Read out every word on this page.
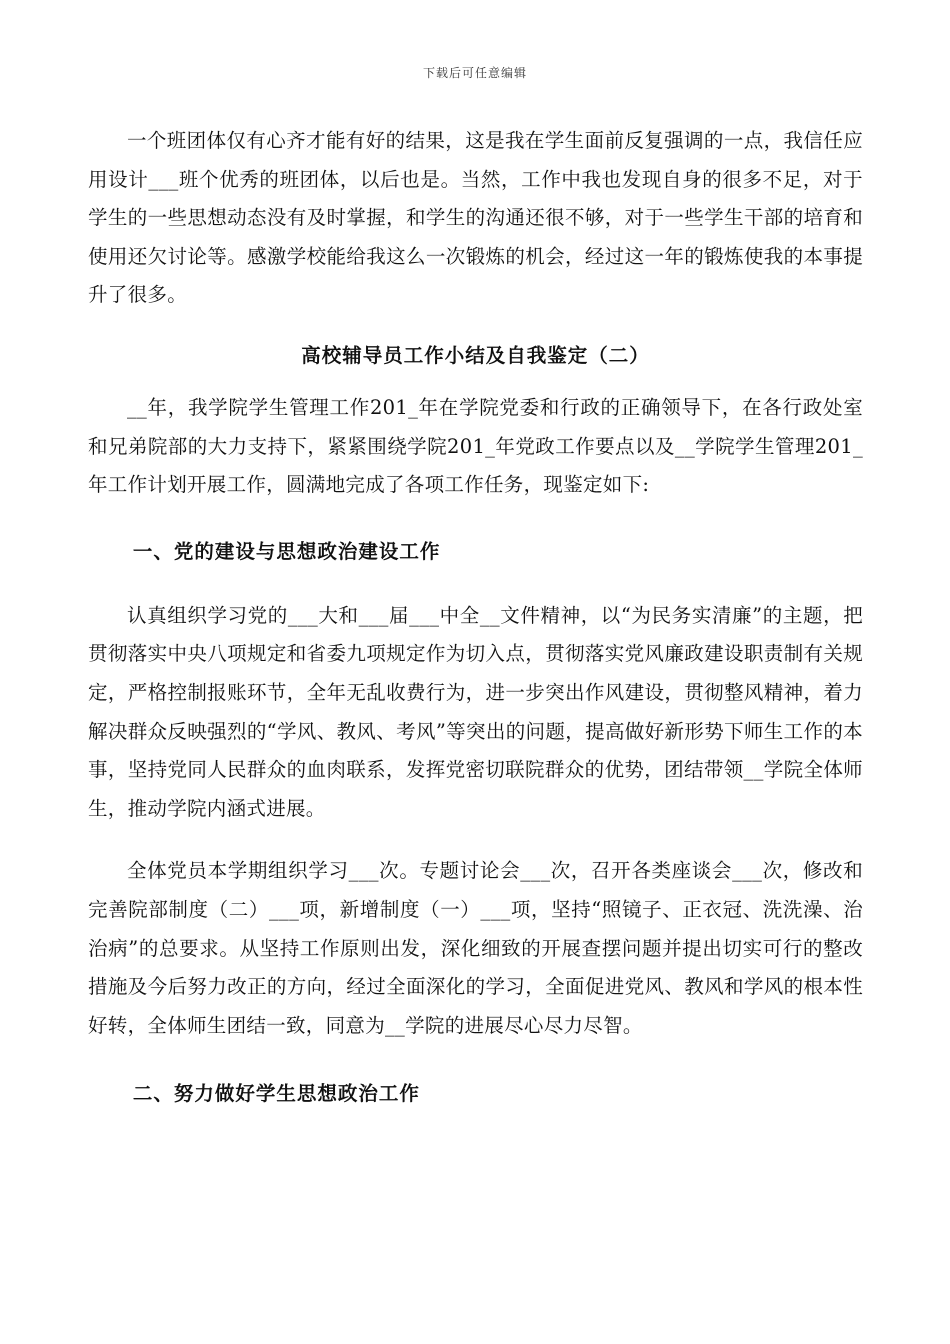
下载后可任意编辑

一个班团体仅有心齐才能有好的结果，这是我在学生面前反复强调的一点，我信任应用设计___班个优秀的班团体，以后也是。当然，工作中我也发现自身的很多不足，对于学生的一些思想动态没有及时掌握，和学生的沟通还很不够，对于一些学生干部的培育和使用还欠讨论等。感激学校能给我这么一次锻炼的机会，经过这一年的锻炼使我的本事提升了很多。

高校辅导员工作小结及自我鉴定（二）

__年，我学院学生管理工作201_年在学院党委和行政的正确领导下，在各行政处室和兄弟院部的大力支持下，紧紧围绕学院201_年党政工作要点以及__学院学生管理201_年工作计划开展工作，圆满地完成了各项工作任务，现鉴定如下:

一、党的建设与思想政治建设工作

认真组织学习党的___大和___届___中全__文件精神，以“为民务实清廉”的主题，把贯彻落实中央八项规定和省委九项规定作为切入点，贯彻落实党风廉政建设职责制有关规定，严格控制报账环节，全年无乱收费行为，进一步突出作风建设，贯彻整风精神，着力解决群众反映强烈的“学风、教风、考风”等突出的问题，提高做好新形势下师生工作的本事，坚持党同人民群众的血肉联系，发挥党密切联院群众的优势，团结带领__学院全体师生，推动学院内涵式进展。

全体党员本学期组织学习___次。专题讨论会___次，召开各类座谈会___次，修改和完善院部制度（二）___项，新增制度（一）___项，坚持“照镜子、正衣冠、洗洗澡、治治病”的总要求。从坚持工作原则出发，深化细致的开展查摆问题并提出切实可行的整改措施及今后努力改正的方向，经过全面深化的学习，全面促进党风、教风和学风的根本性好转，全体师生团结一致，同意为__学院的进展尽心尽力尽智。

二、努力做好学生思想政治工作
